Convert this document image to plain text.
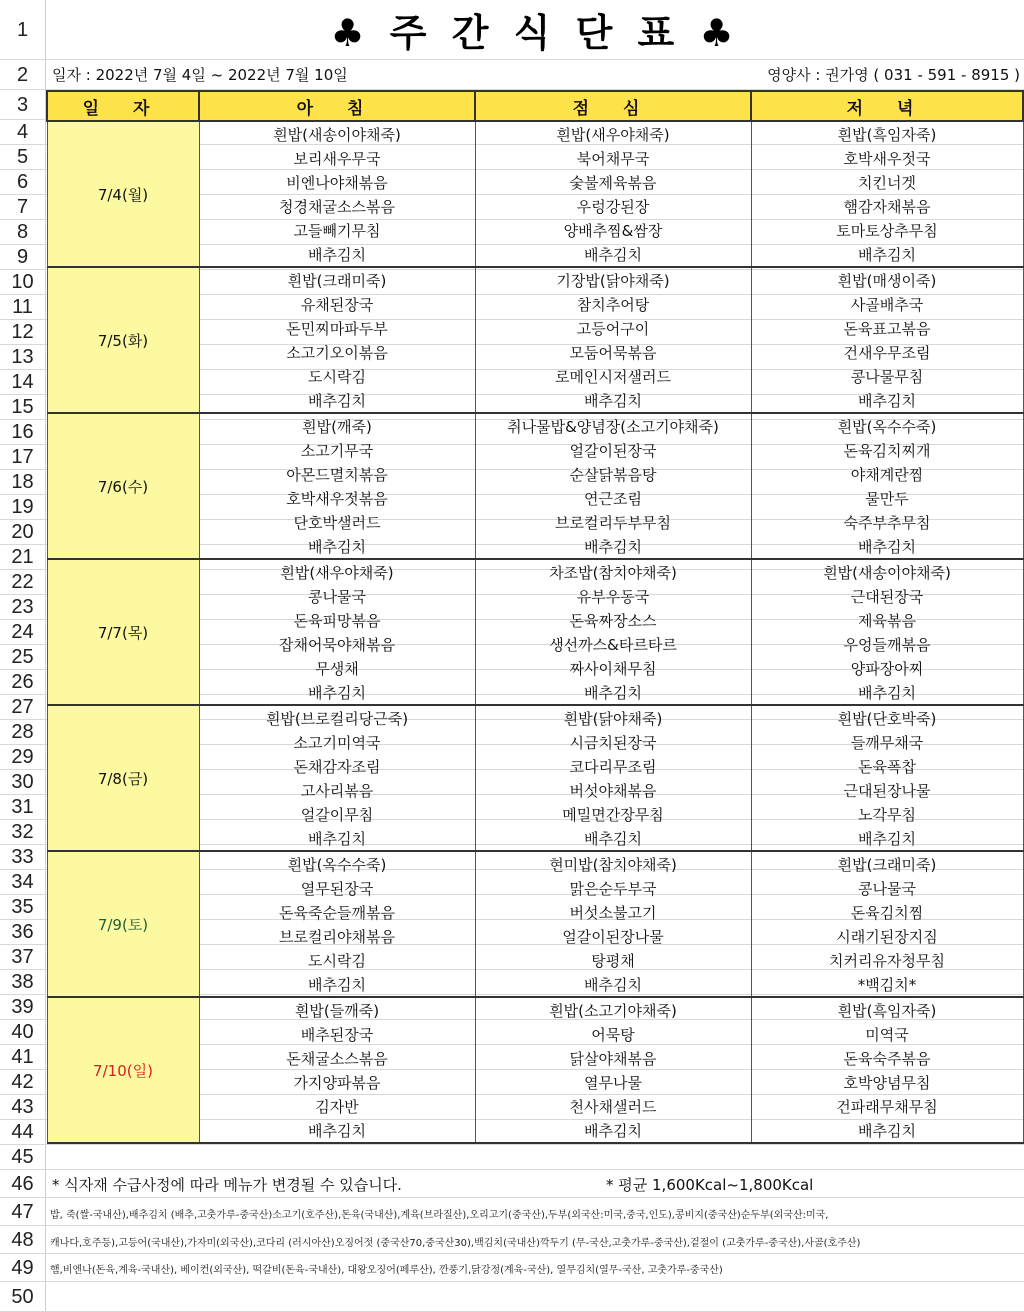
1
2
3
4
5
6
7
8
9
10
11
12
13
14
15
16
17
18
19
20
21
22
23
24
25
26
27
28
29
30
31
32
33
34
35
36
37
38
39
40
41
42
43
44
45
46
47
48
49
50
♣ 주 간 식 단 표 ♣
일자 : 2022년 7월 4일 ~ 2022년 7월 10일	영양사 : 권가영 ( 031 - 591 - 8915 )
일 자	아 침	점 심	저 녁
7/4(월)	흰밥(새송이야채죽)	흰밥(새우야채죽)	흰밥(흑임자죽)
	보리새우무국	북어채무국	호박새우젓국
	비엔나야채볶음	숯불제육볶음	치킨너겟
	청경채굴소스볶음	우렁강된장	햄감자채볶음
	고들빼기무침	양배추찜&쌈장	토마토상추무침
	배추김치	배추김치	배추김치
7/5(화)	흰밥(크래미죽)	기장밥(닭야채죽)	흰밥(매생이죽)
	유채된장국	참치추어탕	사골배추국
	돈민찌마파두부	고등어구이	돈육표고볶음
	소고기오이볶음	모둠어묵볶음	건새우무조림
	도시락김	로메인시저샐러드	콩나물무침
	배추김치	배추김치	배추김치
7/6(수)	흰밥(깨죽)	취나물밥&양념장(소고기야채죽)	흰밥(옥수수죽)
	소고기무국	얼갈이된장국	돈육김치찌개
	아몬드멸치볶음	순살닭볶음탕	야채계란찜
	호박새우젓볶음	연근조림	물만두
	단호박샐러드	브로컬리두부무침	숙주부추무침
	배추김치	배추김치	배추김치
7/7(목)	흰밥(새우야채죽)	차조밥(참치야채죽)	흰밥(새송이야채죽)
	콩나물국	유부우동국	근대된장국
	돈육피망볶음	돈육짜장소스	제육볶음
	잡채어묵야채볶음	생선까스&타르타르	우엉들깨볶음
	무생채	짜사이채무침	양파장아찌
	배추김치	배추김치	배추김치
7/8(금)	흰밥(브로컬리당근죽)	흰밥(닭야채죽)	흰밥(단호박죽)
	소고기미역국	시금치된장국	들깨무채국
	돈채감자조림	코다리무조림	돈육폭찹
	고사리볶음	버섯야채볶음	근대된장나물
	얼갈이무침	메밀면간장무침	노각무침
	배추김치	배추김치	배추김치
7/9(토)	흰밥(옥수수죽)	현미밥(참치야채죽)	흰밥(크래미죽)
	열무된장국	맑은순두부국	콩나물국
	돈육죽순들깨볶음	버섯소불고기	돈육김치찜
	브로컬리야채볶음	얼갈이된장나물	시래기된장지짐
	도시락김	탕평채	치커리유자청무침
	배추김치	배추김치	*백김치*
7/10(일)	흰밥(들깨죽)	흰밥(소고기야채죽)	흰밥(흑임자죽)
	배추된장국	어묵탕	미역국
	돈채굴소스볶음	닭살야채볶음	돈육숙주볶음
	가지양파볶음	열무나물	호박양념무침
	김자반	천사채샐러드	건파래무채무침
	배추김치	배추김치	배추김치
* 식자재 수급사정에 따라 메뉴가 변경될 수 있습니다.	* 평균 1,600Kcal~1,800Kcal
밥, 죽(쌀-국내산),배추김치 (배추,고춧가루-중국산)소고기(호주산),돈육(국내산),계육(브라질산),오리고기(중국산),두부(외국산:미국,중국,인도),콩비지(중국산)순두부(외국산:미국,
캐나다,호주등),고등어(국내산),가자미(외국산),코다리 (러시아산)오징어젓 (중국산70,중국산30),백김치(국내산)깍두기 (무-국산,고춧가루-중국산),겉절이 (고춧가루-중국산),사골(호주산)
햄,비엔나(돈육,계육-국내산), 베이컨(외국산), 떡갈비(돈육-국내산), 대왕오징어(페루산), 깐풍기,닭강정(계육-국산), 열무김치(열무-국산, 고춧가루-중국산)
